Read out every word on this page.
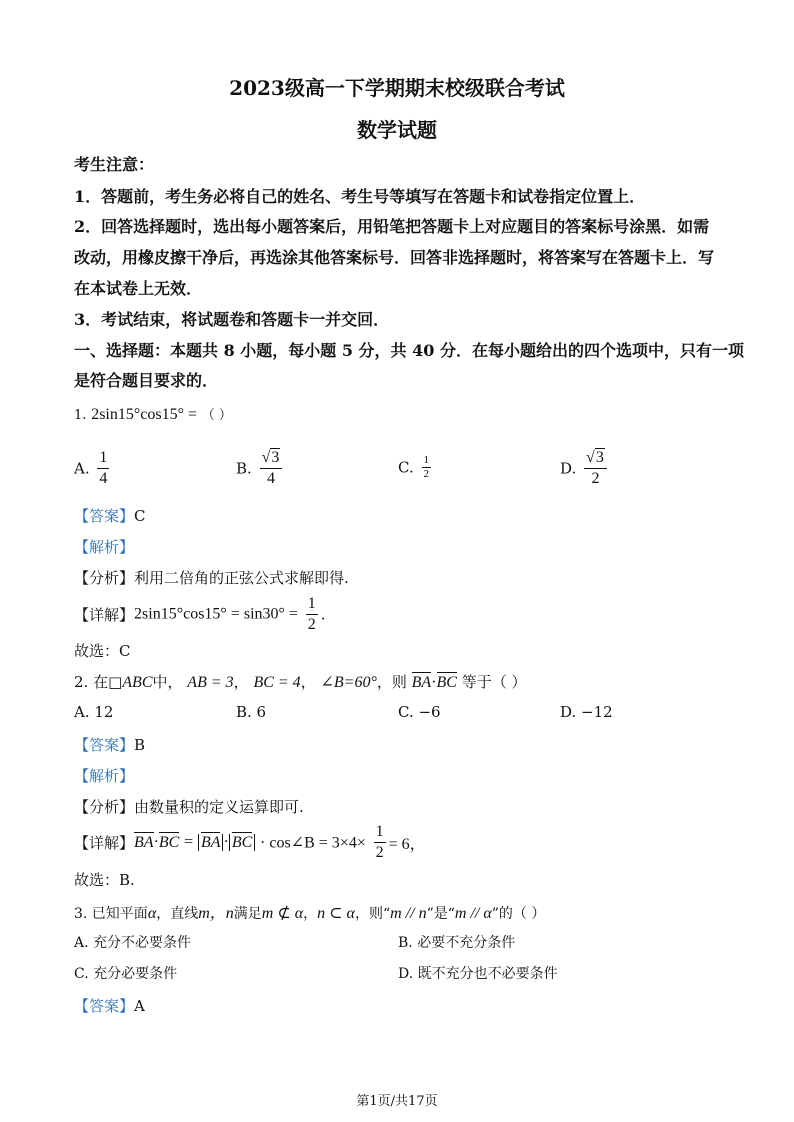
2023级高一下学期期末校级联合考试
数学试题
考生注意：
1．答题前，考生务必将自己的姓名、考生号等填写在答题卡和试卷指定位置上．
2．回答选择题时，选出每小题答案后，用铅笔把答题卡上对应题目的答案标号涂黑．如需
改动，用橡皮擦干净后，再选涂其他答案标号．回答非选择题时，将答案写在答题卡上．写
在本试卷上无效．
3．考试结束，将试题卷和答题卡一并交回．
一、选择题：本题共 8 小题，每小题 5 分，共 40 分．在每小题给出的四个选项中，只有一项
是符合题目要求的．
1. 2sin15°cos15° = （ ）
A. $\frac{1}{4}$	B. $\frac{√3}{4}$	C. $\frac{1}{2}$	D. $\frac{√3}{2}$
【答案】C
【解析】
【分析】利用二倍角的正弦公式求解即得.
【详解】$2\sin 15^\circ\cos 15^\circ = \sin 30^\circ = \frac{1}{2}$ .
故选：C
2. 在□ABC中， AB = 3， BC = 4， ∠B=60°，则 BA·BC 等于（ ）
A. 12	B. 6	C. −6	D. −12
【答案】B
【解析】
【分析】由数量积的定义运算即可.
【详解】BA·BC = BA · BC · cos∠B = $3\times 4\times \frac{1}{2} = 6$，
故选：B.
3. 已知平面α，直线m，n满足m ⊄ α，n ⊂ α，则“m // n”是“m // α”的（ ）
A. 充分不必要条件	B. 必要不充分条件
C. 充分必要条件	D. 既不充分也不必要条件
【答案】A
第1页/共17页
